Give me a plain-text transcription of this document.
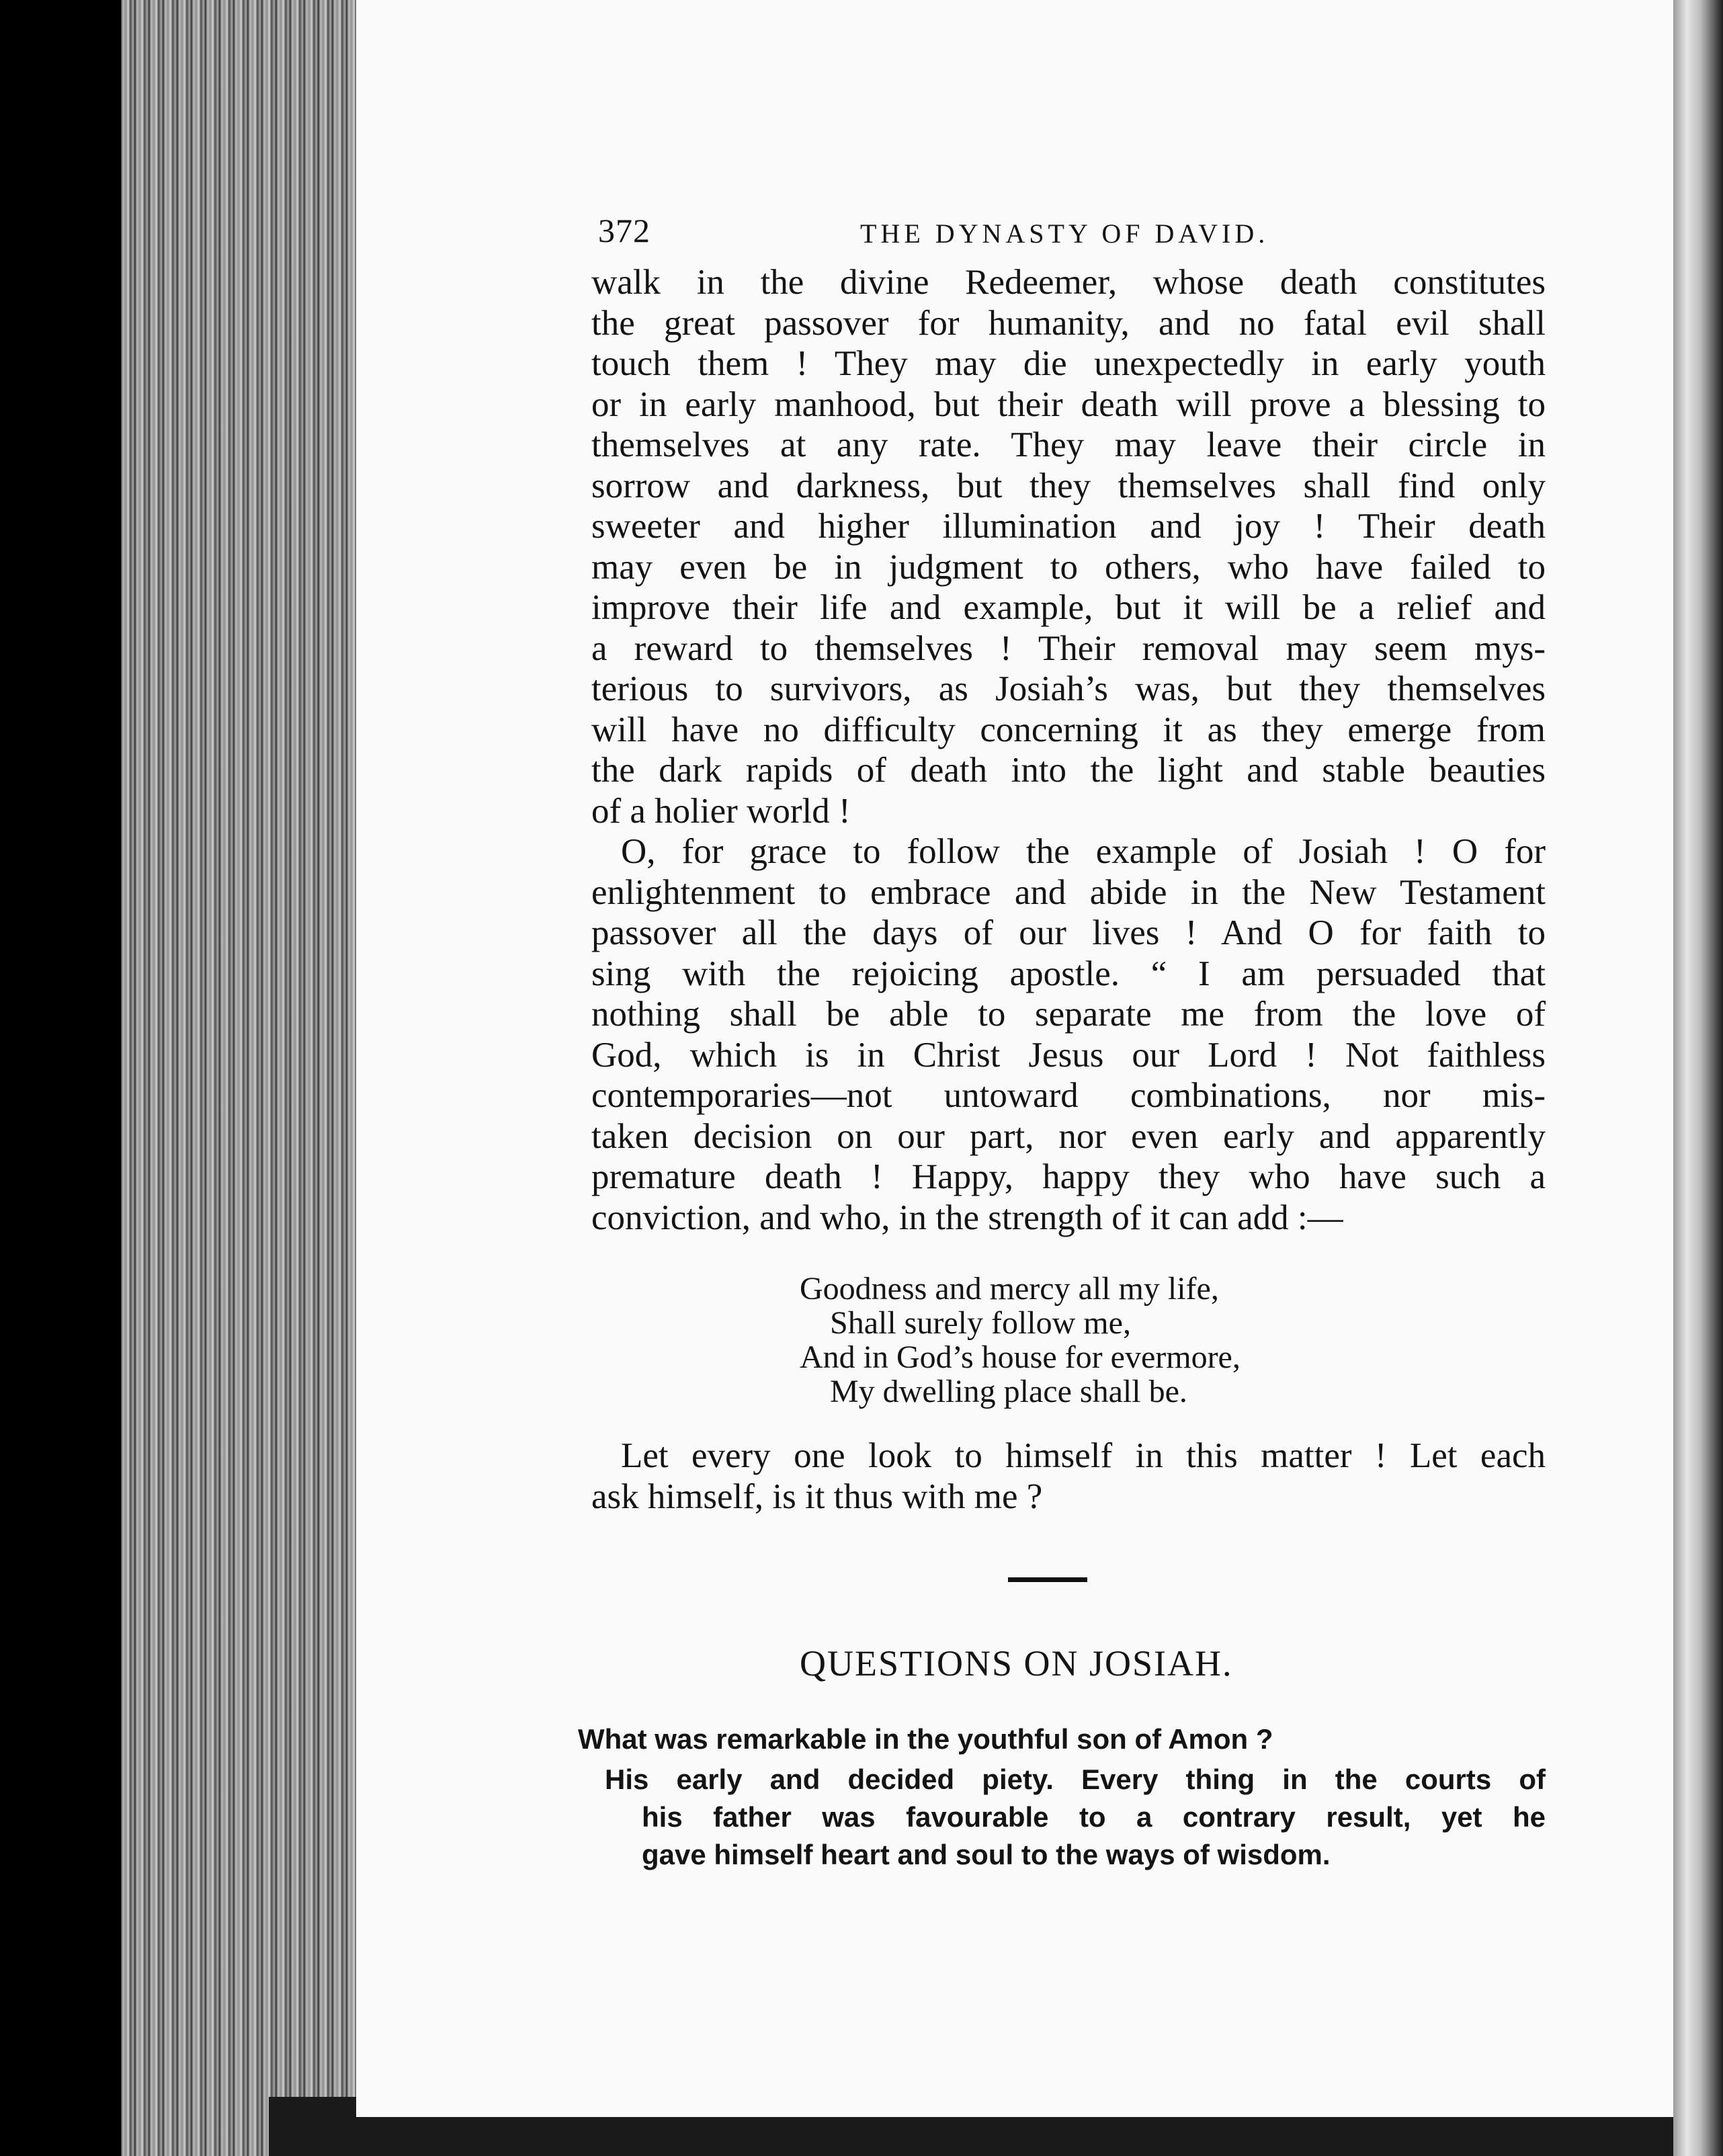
372	THE DYNASTY OF DAVID.
walk in the divine Redeemer, whose death constitutes
the great passover for humanity, and no fatal evil shall
touch them ! They may die unexpectedly in early youth
or in early manhood, but their death will prove a blessing to
themselves at any rate. They may leave their circle in
sorrow and darkness, but they themselves shall find only
sweeter and higher illumination and joy ! Their death
may even be in judgment to others, who have failed to
improve their life and example, but it will be a relief and
a reward to themselves ! Their removal may seem mys-
terious to survivors, as Josiah’s was, but they themselves
will have no difficulty concerning it as they emerge from
the dark rapids of death into the light and stable beauties
of a holier world !
O, for grace to follow the example of Josiah ! O for
enlightenment to embrace and abide in the New Testament
passover all the days of our lives ! And O for faith to
sing with the rejoicing apostle. “ I am persuaded that
nothing shall be able to separate me from the love of
God, which is in Christ Jesus our Lord ! Not faithless
contemporaries—not untoward combinations, nor mis-
taken decision on our part, nor even early and apparently
premature death ! Happy, happy they who have such a
conviction, and who, in the strength of it can add :—
Goodness and mercy all my life,
Shall surely follow me,
And in God’s house for evermore,
My dwelling place shall be.
Let every one look to himself in this matter ! Let each
ask himself, is it thus with me ?
QUESTIONS ON JOSIAH.
What was remarkable in the youthful son of Amon ?
His early and decided piety. Every thing in the courts of
his father was favourable to a contrary result, yet he
gave himself heart and soul to the ways of wisdom.
